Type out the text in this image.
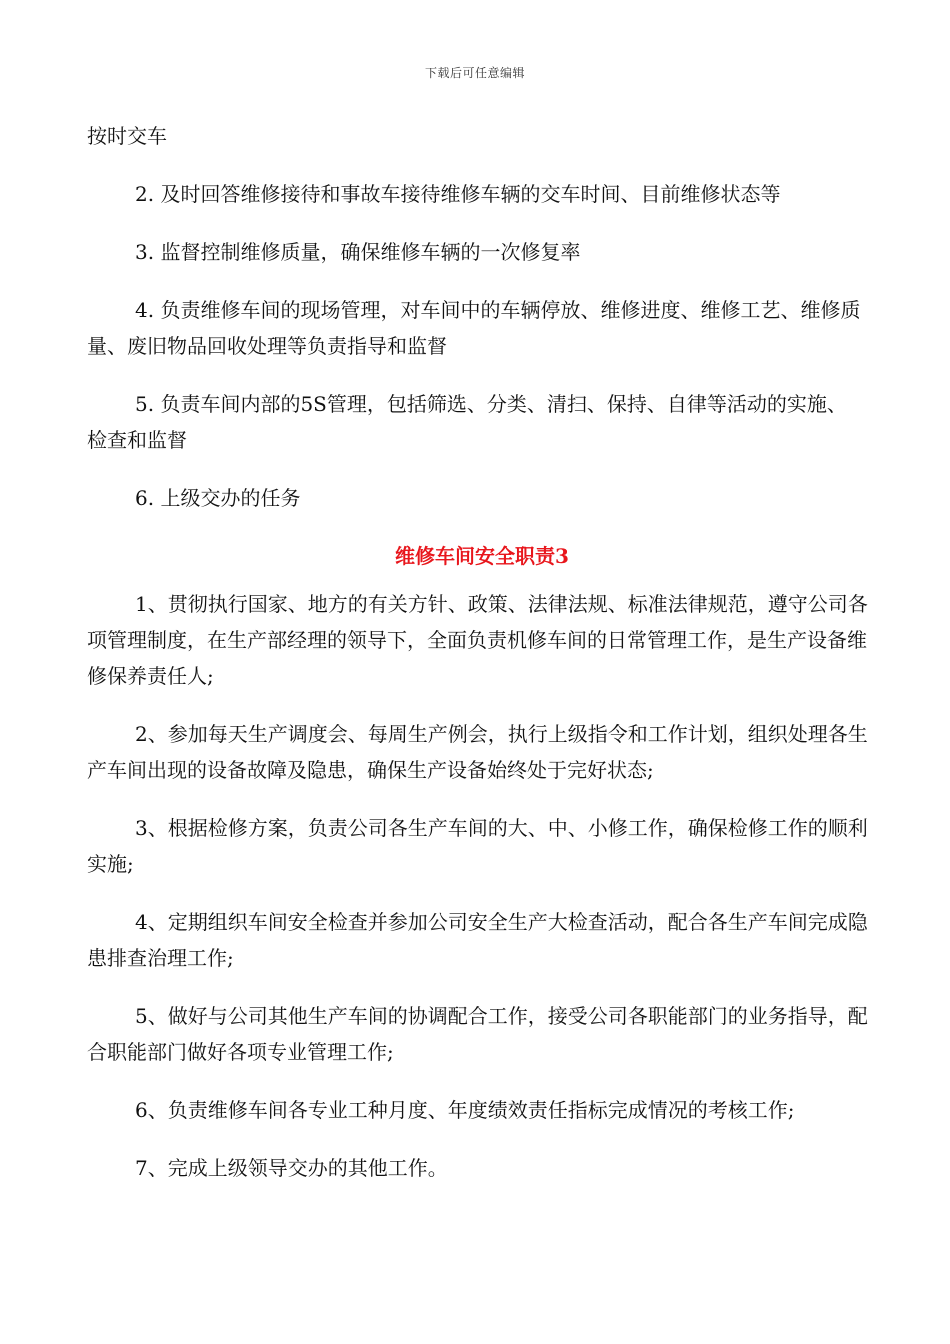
下载后可任意编辑

按时交车

2. 及时回答维修接待和事故车接待维修车辆的交车时间、目前维修状态等

3. 监督控制维修质量，确保维修车辆的一次修复率

4. 负责维修车间的现场管理，对车间中的车辆停放、维修进度、维修工艺、维修质量、废旧物品回收处理等负责指导和监督

5. 负责车间内部的5S管理，包括筛选、分类、清扫、保持、自律等活动的实施、检查和监督

6. 上级交办的任务

维修车间安全职责3

1、贯彻执行国家、地方的有关方针、政策、法律法规、标准法律规范，遵守公司各项管理制度，在生产部经理的领导下，全面负责机修车间的日常管理工作，是生产设备维修保养责任人;

2、参加每天生产调度会、每周生产例会，执行上级指令和工作计划，组织处理各生产车间出现的设备故障及隐患，确保生产设备始终处于完好状态;

3、根据检修方案，负责公司各生产车间的大、中、小修工作，确保检修工作的顺利实施;

4、定期组织车间安全检查并参加公司安全生产大检查活动，配合各生产车间完成隐患排查治理工作;

5、做好与公司其他生产车间的协调配合工作，接受公司各职能部门的业务指导，配合职能部门做好各项专业管理工作;

6、负责维修车间各专业工种月度、年度绩效责任指标完成情况的考核工作;

7、完成上级领导交办的其他工作。
